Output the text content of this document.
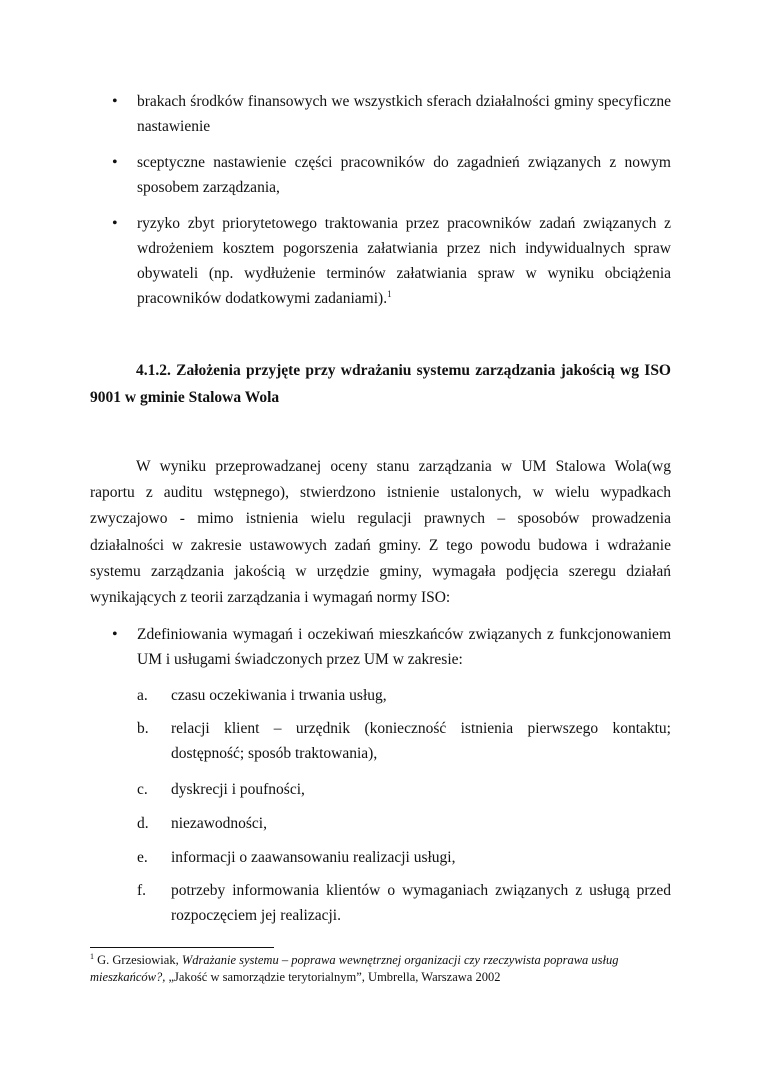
• brakach środków finansowych we wszystkich sferach działalności gminy specyficzne nastawienie
• sceptyczne nastawienie części pracowników do zagadnień związanych z nowym sposobem zarządzania,
• ryzyko zbyt priorytetowego traktowania przez pracowników zadań związanych z wdrożeniem kosztem pogorszenia załatwiania przez nich indywidualnych spraw obywateli (np. wydłużenie terminów załatwiania spraw w wyniku obciążenia pracowników dodatkowymi zadaniami).$^1$
4.1.2. Założenia przyjęte przy wdrażaniu systemu zarządzania jakością wg ISO 9001 w gminie Stalowa Wola
W wyniku przeprowadzanej oceny stanu zarządzania w UM Stalowa Wola(wg raportu z auditu wstępnego), stwierdzono istnienie ustalonych, w wielu wypadkach zwyczajowo - mimo istnienia wielu regulacji prawnych – sposobów prowadzenia działalności w zakresie ustawowych zadań gminy. Z tego powodu budowa i wdrażanie systemu zarządzania jakością w urzędzie gminy, wymagała podjęcia szeregu działań wynikających z teorii zarządzania i wymagań normy ISO:
• Zdefiniowania wymagań i oczekiwań mieszkańców związanych z funkcjonowaniem UM i usługami świadczonych przez UM w zakresie:
a. czasu oczekiwania i trwania usług,
b. relacji klient – urzędnik (konieczność istnienia pierwszego kontaktu; dostępność; sposób traktowania),
c. dyskrecji i poufności,
d. niezawodności,
e. informacji o zaawansowaniu realizacji usługi,
f. potrzeby informowania klientów o wymaganiach związanych z usługą przed rozpoczęciem jej realizacji.
$^1$ G. Grzesiowiak, Wdrażanie systemu – poprawa wewnętrznej organizacji czy rzeczywista poprawa usług mieszkańców?, „Jakość w samorządzie terytorialnym”, Umbrella, Warszawa 2002
